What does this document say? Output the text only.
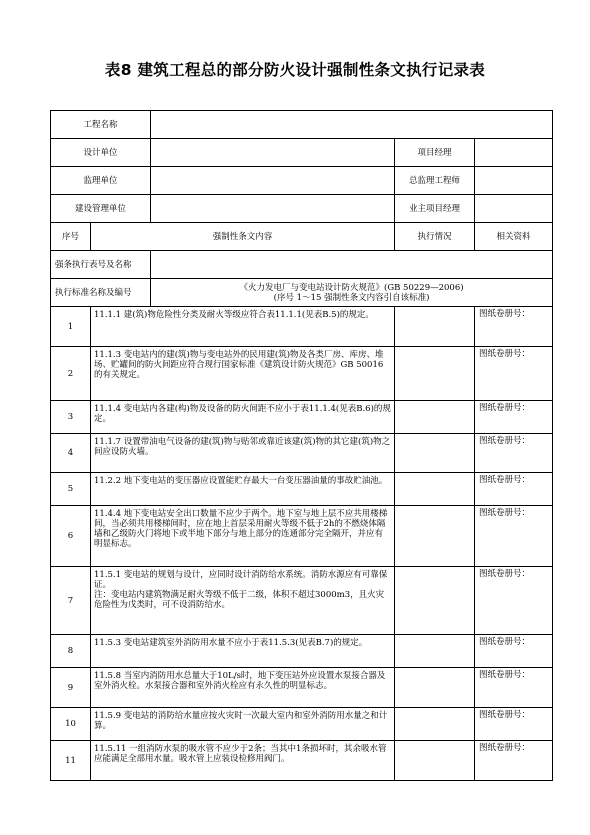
表8 建筑工程总的部分防火设计强制性条文执行记录表
工程名称				
设计单位			项目经理	
监理单位			总监理工程师	
建设管理单位			业主项目经理	
序号	强制性条文内容		执行情况	相关资料
强条执行表号及名称				
执行标准名称及编号		《火力发电厂与变电站设计防火规范》(GB 50229—2006)
(序号 1～15 强制性条文内容引自该标准)		
1	11.1.1 建(筑)物危险性分类及耐火等级应符合表11.1.1(见表B.5)的规定。			图纸卷册号：
2	11.1.3 变电站内的建(筑)物与变电站外的民用建(筑)物及各类厂房、库房、堆场、贮罐间的防火间距应符合现行国家标准《建筑设计防火规范》GB 50016的有关规定。			图纸卷册号：
3	11.1.4 变电站内各建(构)物及设备的防火间距不应小于表11.1.4(见表B.6)的规定。			图纸卷册号：
4	11.1.7 设置带油电气设备的建(筑)物与贴邻或靠近该建(筑)物的其它建(筑)物之间应设防火墙。			图纸卷册号：
5	11.2.2 地下变电站的变压器应设置能贮存最大一台变压器油量的事故贮油池。			图纸卷册号：
6	11.4.4 地下变电站安全出口数量不应少于两个。地下室与地上层不应共用楼梯间，当必须共用楼梯间时，应在地上首层采用耐火等级不低于2h的不燃烧体隔墙和乙级防火门将地下或半地下部分与地上部分的连通部分完全隔开，并应有明显标志。			图纸卷册号：
7	11.5.1 变电站的规划与设计，应同时设计消防给水系统。消防水源应有可靠保证。
注：变电站内建筑物满足耐火等级不低于二级，体积不超过3000m3，且火灾危险性为戊类时，可不设消防给水。			图纸卷册号：
8	11.5.3 变电站建筑室外消防用水量不应小于表11.5.3(见表B.7)的规定。			图纸卷册号：
9	11.5.8 当室内消防用水总量大于10L/s时，地下变压站外应设置水泵接合器及室外消火栓。水泵接合器和室外消火栓应有永久性的明显标志。			图纸卷册号：
10	11.5.9 变电站的消防给水量应按火灾时一次最大室内和室外消防用水量之和计算。			图纸卷册号：
11	11.5.11 一组消防水泵的吸水管不应少于2条；当其中1条损坏时，其余吸水管应能满足全部用水量。吸水管上应装设检修用阀门。			图纸卷册号：
